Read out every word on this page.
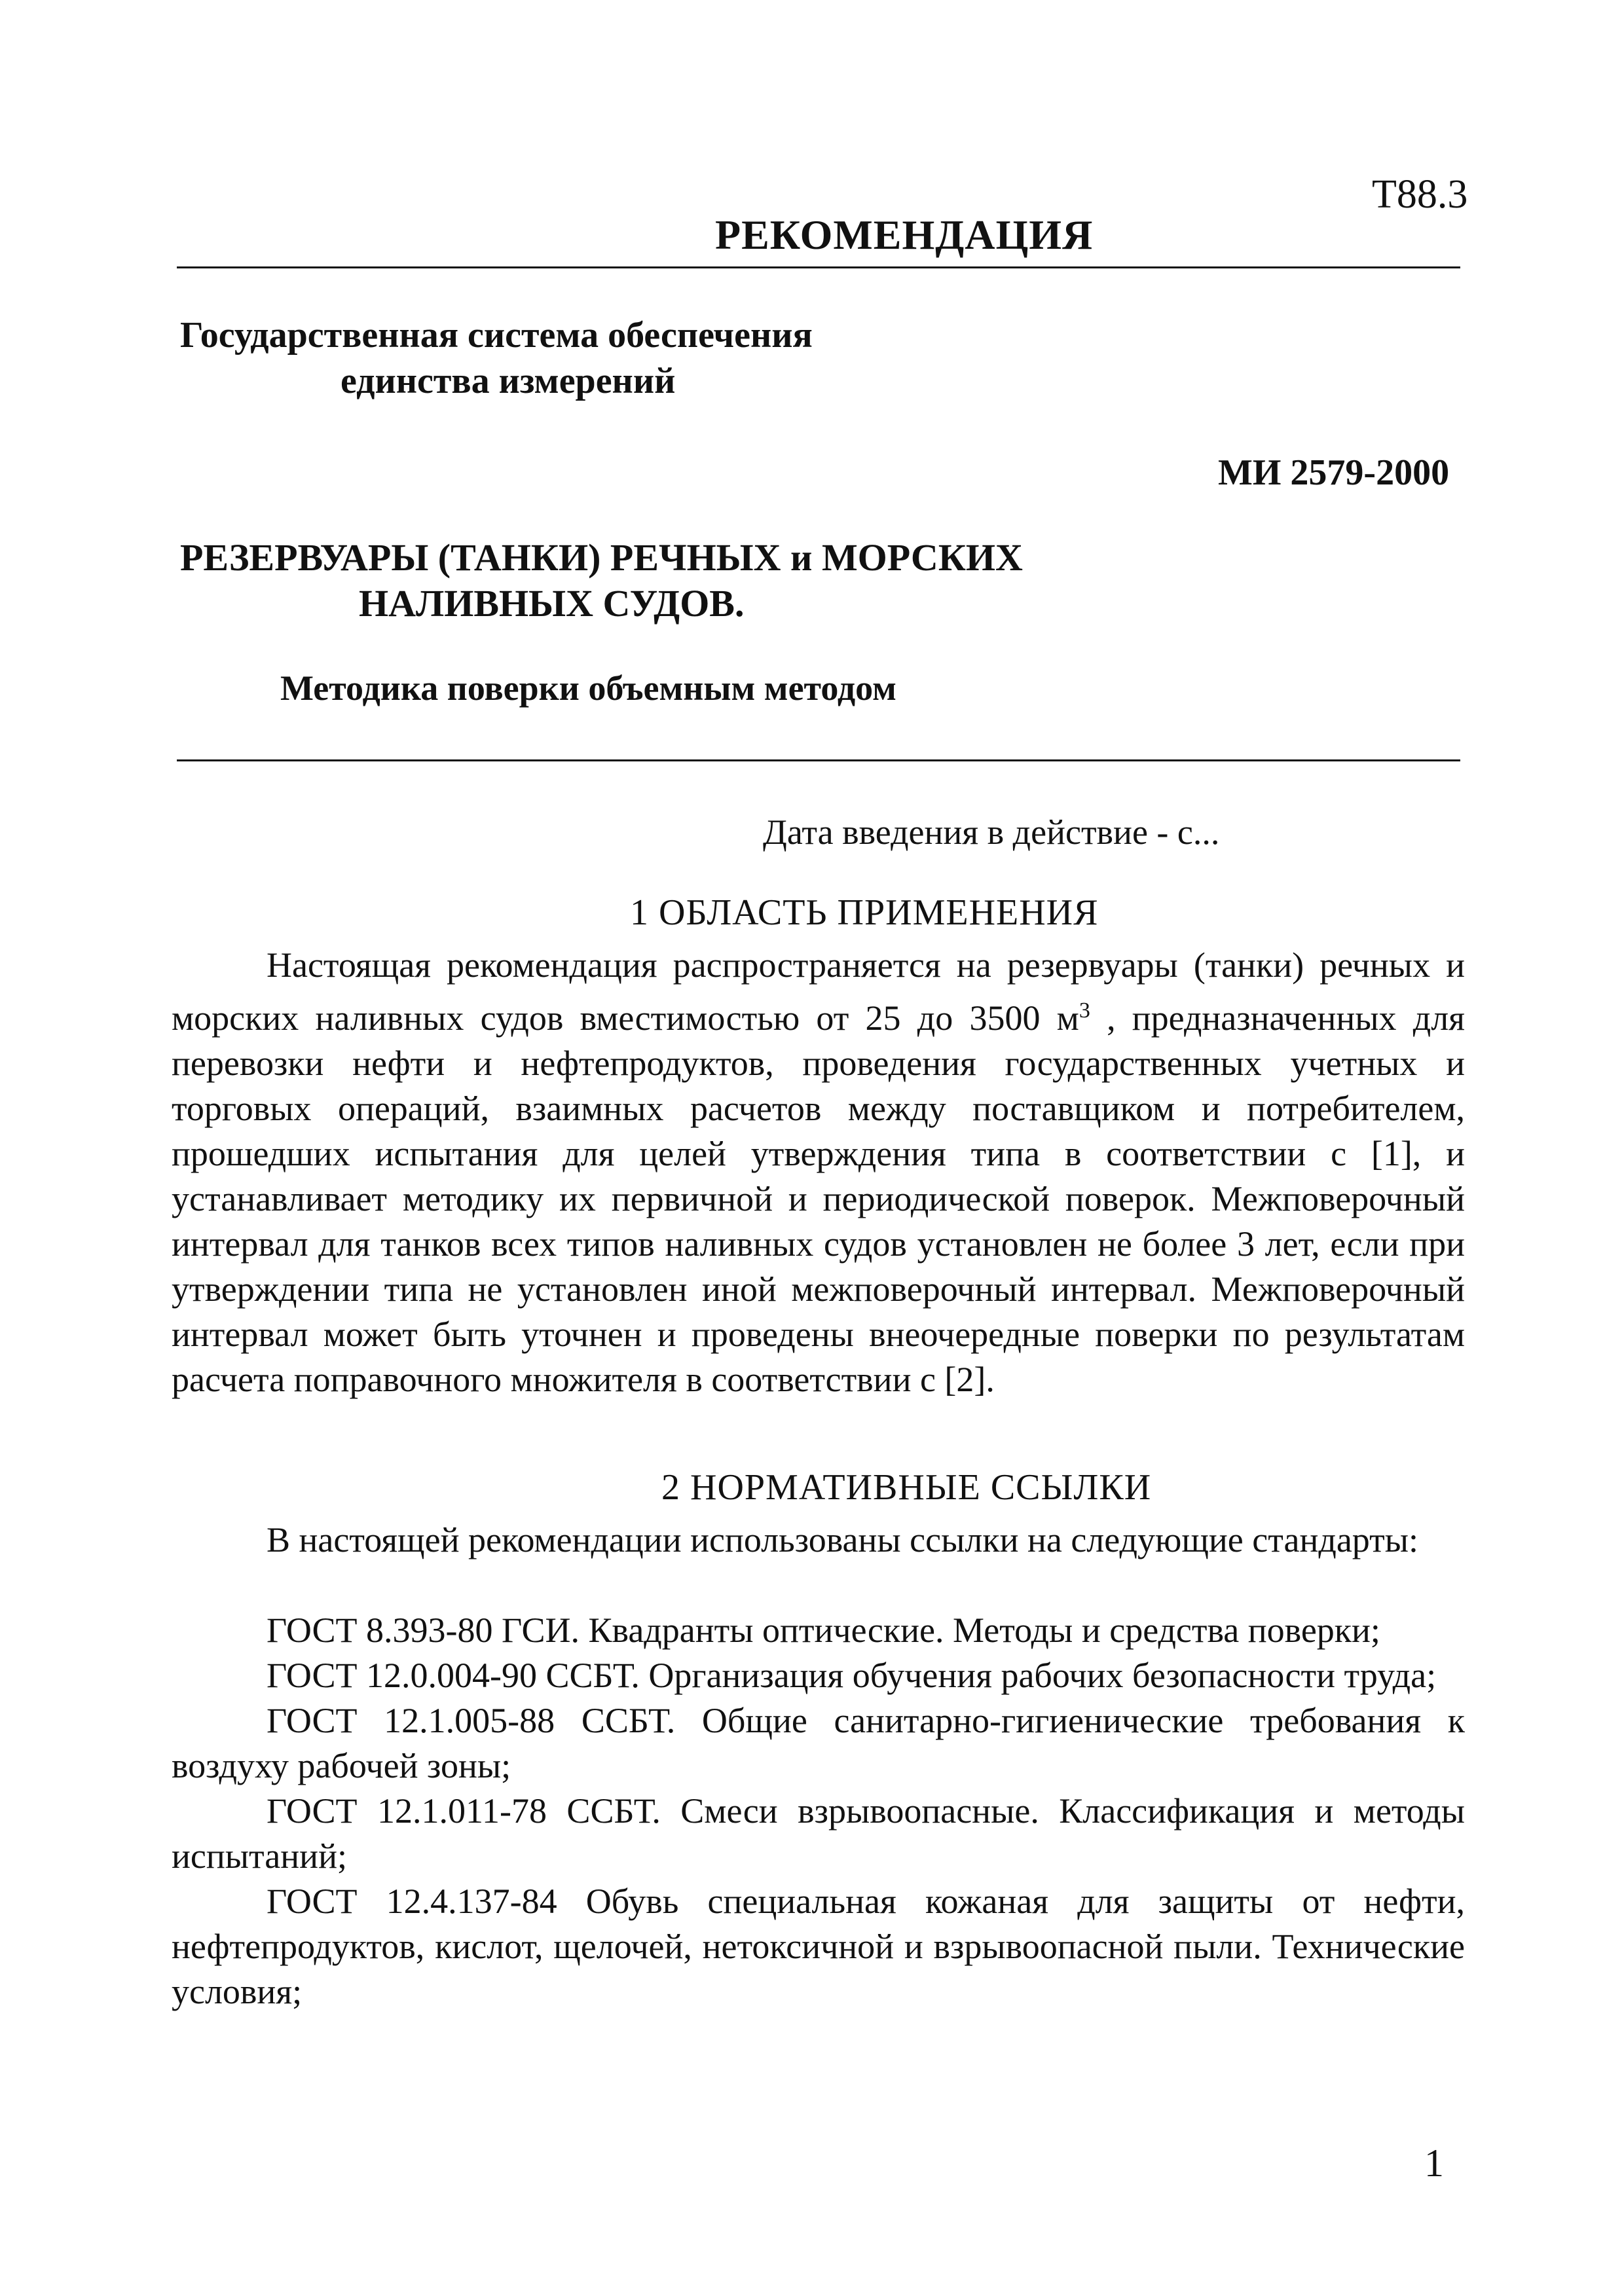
Т88.3
РЕКОМЕНДАЦИЯ
Государственная система обеспечения
единства измерений
МИ 2579-2000
РЕЗЕРВУАРЫ (ТАНКИ) РЕЧНЫХ и МОРСКИХ
НАЛИВНЫХ СУДОВ.
Методика поверки объемным методом
Дата введения в действие - с...
1 ОБЛАСТЬ ПРИМЕНЕНИЯ
Настоящая рекомендация распространяется на резервуары (танки) речных и морских наливных судов вместимостью от 25 до 3500 $м^3$ , предназначенных для перевозки нефти и нефтепродуктов, проведения государственных учетных и торговых операций, взаимных расчетов между поставщиком и потребителем, прошедших испытания для целей утверждения типа в соответствии с [1], и устанавливает методику их первичной и периодической поверок. Межповерочный интервал для танков всех типов наливных судов установлен не более 3 лет, если при утверждении типа не установлен иной межповерочный интервал. Межповерочный интервал может быть уточнен и проведены внеочередные поверки по результатам расчета поправочного множителя в соответствии с [2].
2 НОРМАТИВНЫЕ ССЫЛКИ
В настоящей рекомендации использованы ссылки на следующие стандарты:

ГОСТ 8.393-80 ГСИ. Квадранты оптические. Методы и средства поверки;

ГОСТ 12.0.004-90 ССБТ. Организация обучения рабочих безопасности труда;

ГОСТ 12.1.005-88 ССБТ. Общие санитарно-гигиенические требования к воздуху рабочей зоны;

ГОСТ 12.1.011-78 ССБТ. Смеси взрывоопасные. Классификация и методы испытаний;

ГОСТ 12.4.137-84 Обувь специальная кожаная для защиты от нефти, нефтепродуктов, кислот, щелочей, нетоксичной и взрывоопасной пыли. Технические условия;

1
